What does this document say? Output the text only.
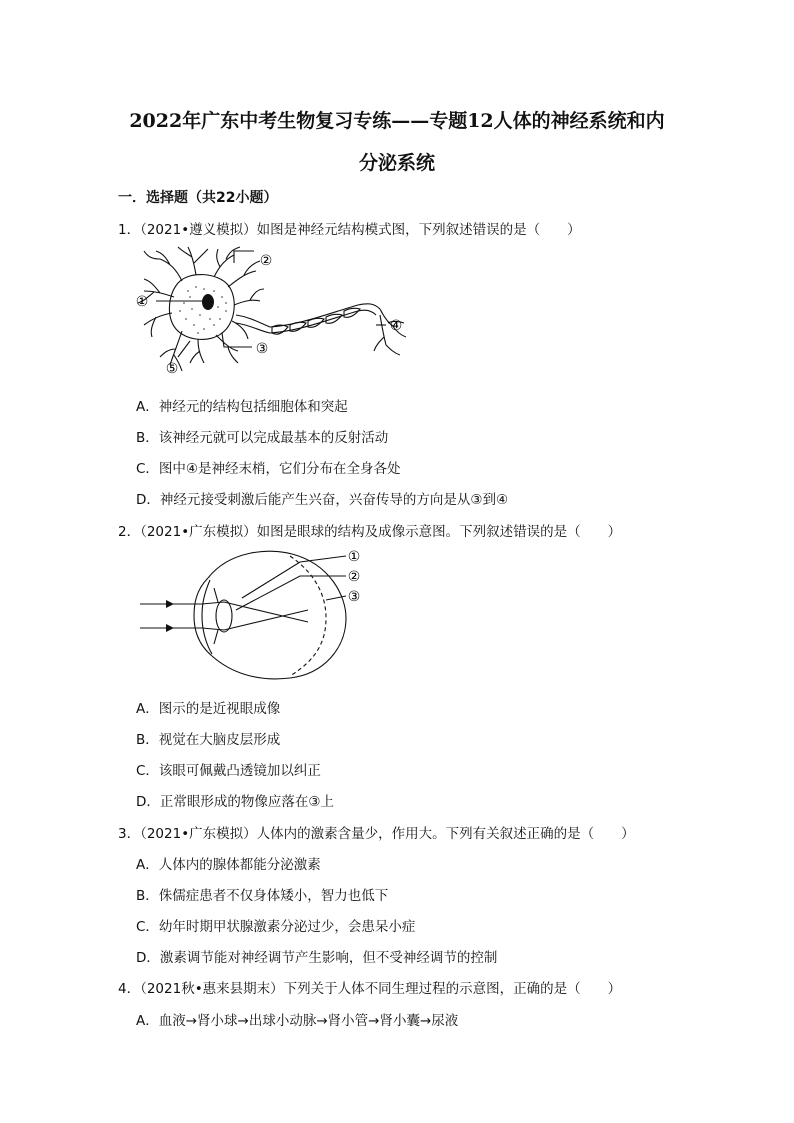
2022年广东中考生物复习专练——专题12人体的神经系统和内
分泌系统
一．选择题（共22小题）
1．（2021•遵义模拟）如图是神经元结构模式图，下列叙述错误的是（　　）
①
②
③
④
⑤
A．神经元的结构包括细胞体和突起
B．该神经元就可以完成最基本的反射活动
C．图中④是神经末梢，它们分布在全身各处
D．神经元接受刺激后能产生兴奋，兴奋传导的方向是从③到④
2．（2021•广东模拟）如图是眼球的结构及成像示意图。下列叙述错误的是（　　）
①
②
③
A．图示的是近视眼成像
B．视觉在大脑皮层形成
C．该眼可佩戴凸透镜加以纠正
D．正常眼形成的物像应落在③上
3．（2021•广东模拟）人体内的激素含量少，作用大。下列有关叙述正确的是（　　）
A．人体内的腺体都能分泌激素
B．侏儒症患者不仅身体矮小，智力也低下
C．幼年时期甲状腺激素分泌过少，会患呆小症
D．激素调节能对神经调节产生影响，但不受神经调节的控制
4．（2021秋•惠来县期末）下列关于人体不同生理过程的示意图，正确的是（　　）
A．血液→肾小球→出球小动脉→肾小管→肾小囊→尿液
